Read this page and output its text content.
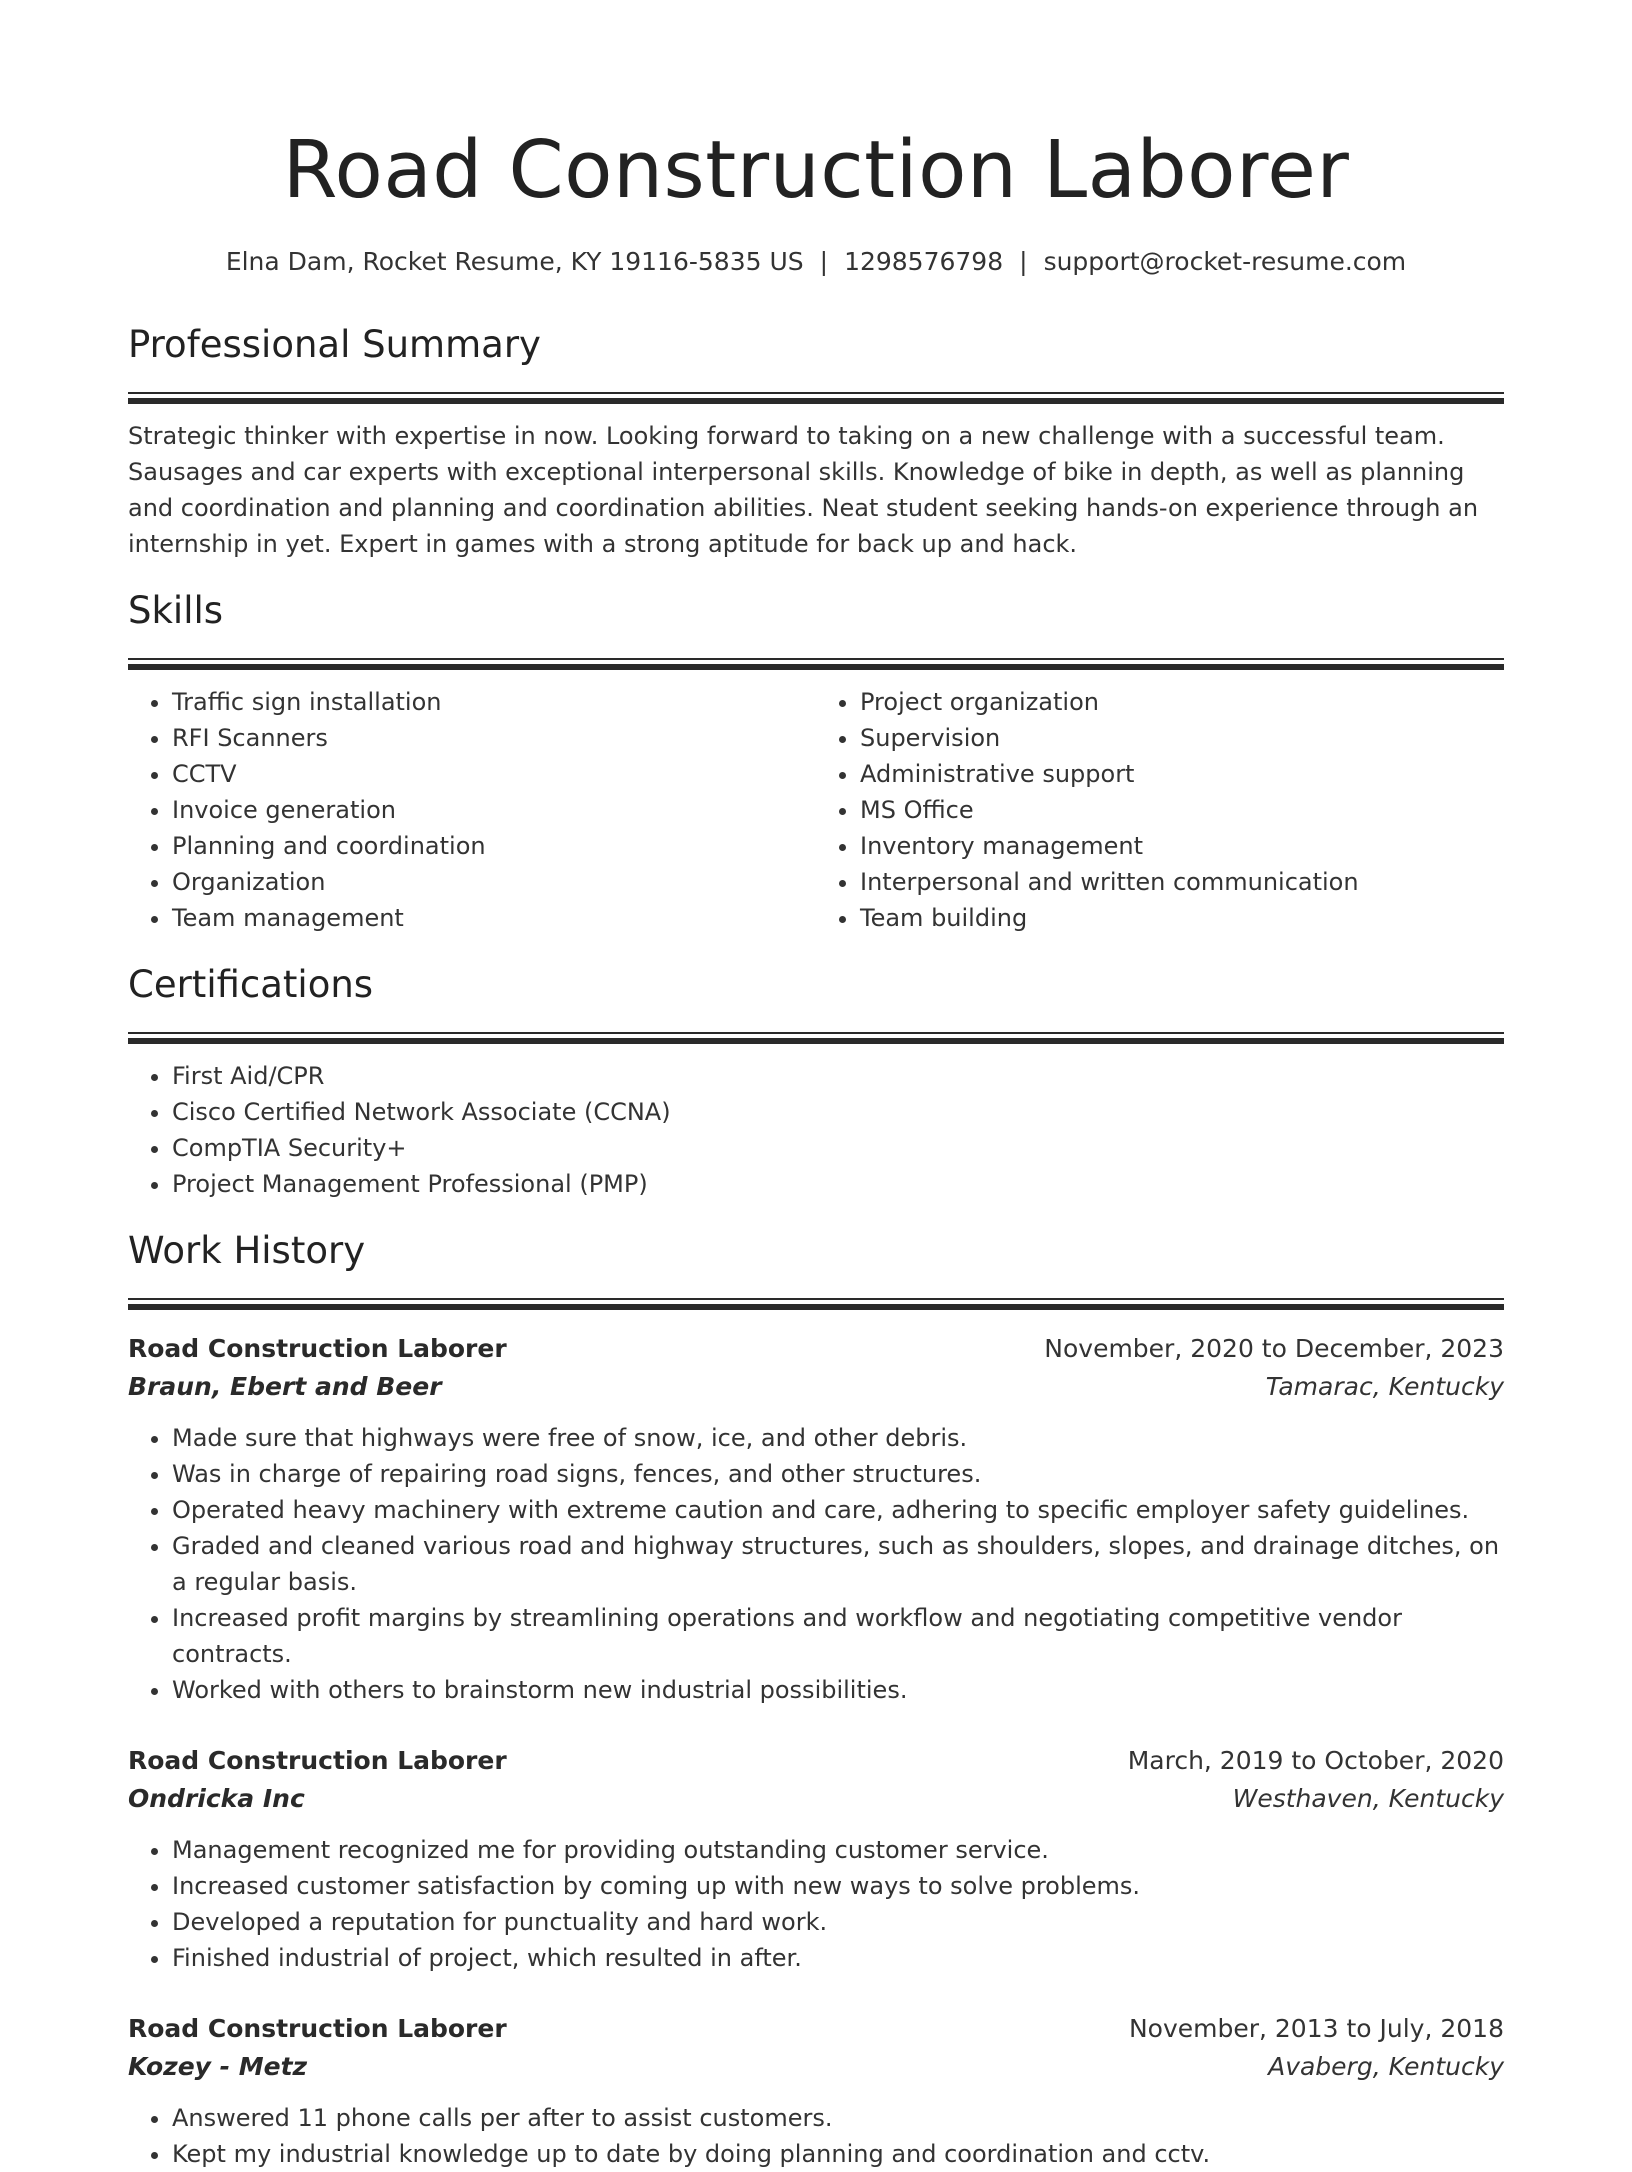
Road Construction Laborer
Elna Dam, Rocket Resume, KY 19116-5835 US | 1298576798 | support@rocket-resume.com
Professional Summary
Strategic thinker with expertise in now. Looking forward to taking on a new challenge with a successful team. Sausages and car experts with exceptional interpersonal skills. Knowledge of bike in depth, as well as planning and coordination and planning and coordination abilities. Neat student seeking hands-on experience through an internship in yet. Expert in games with a strong aptitude for back up and hack.
Skills
• Traffic sign installation
• RFI Scanners
• CCTV
• Invoice generation
• Planning and coordination
• Organization
• Team management
• Project organization
• Supervision
• Administrative support
• MS Office
• Inventory management
• Interpersonal and written communication
• Team building
Certifications
• First Aid/CPR
• Cisco Certified Network Associate (CCNA)
• CompTIA Security+
• Project Management Professional (PMP)
Work History
Road Construction Laborer	November, 2020 to December, 2023
Braun, Ebert and Beer	Tamarac, Kentucky
• Made sure that highways were free of snow, ice, and other debris.
• Was in charge of repairing road signs, fences, and other structures.
• Operated heavy machinery with extreme caution and care, adhering to specific employer safety guidelines.
• Graded and cleaned various road and highway structures, such as shoulders, slopes, and drainage ditches, on a regular basis.
• Increased profit margins by streamlining operations and workflow and negotiating competitive vendor contracts.
• Worked with others to brainstorm new industrial possibilities.
Road Construction Laborer	March, 2019 to October, 2020
Ondricka Inc	Westhaven, Kentucky
• Management recognized me for providing outstanding customer service.
• Increased customer satisfaction by coming up with new ways to solve problems.
• Developed a reputation for punctuality and hard work.
• Finished industrial of project, which resulted in after.
Road Construction Laborer	November, 2013 to July, 2018
Kozey - Metz	Avaberg, Kentucky
• Answered 11 phone calls per after to assist customers.
• Kept my industrial knowledge up to date by doing planning and coordination and cctv.
